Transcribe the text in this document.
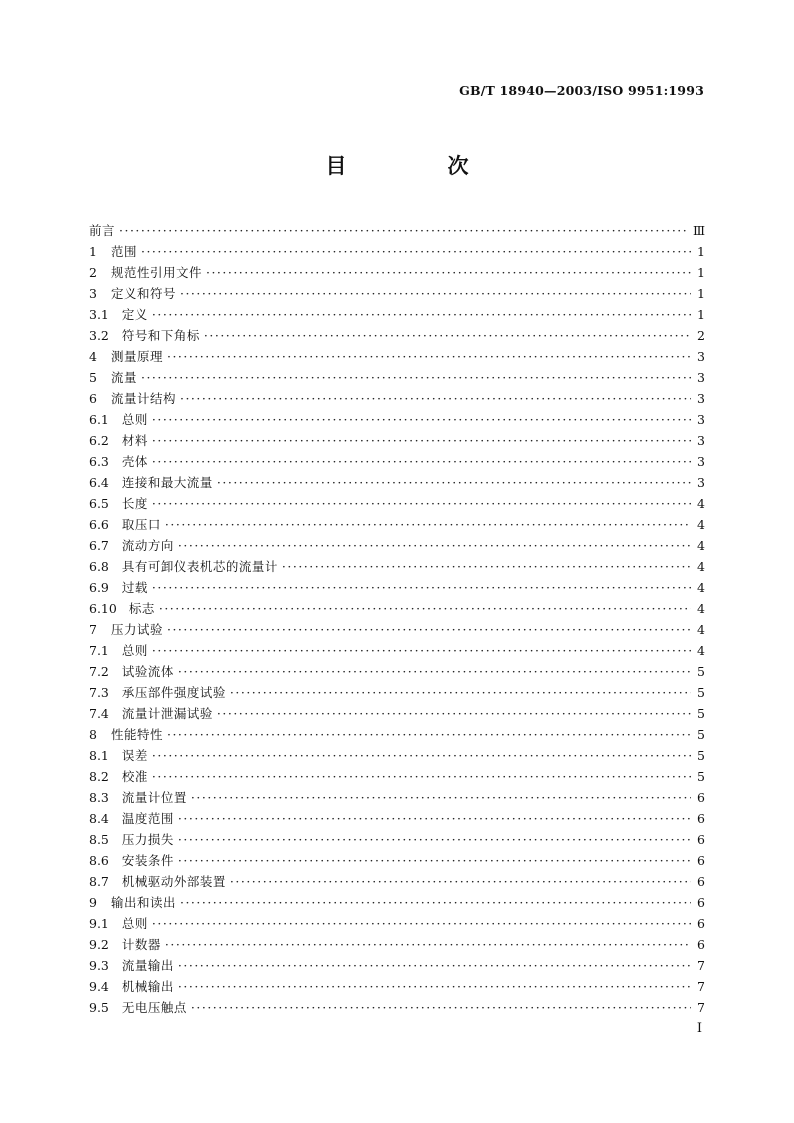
GB/T 18940—2003/ISO 9951:1993
目　次
前言 ·····	Ⅲ
1 范围 ·····	1
2 规范性引用文件 ·····	1
3 定义和符号 ·····	1
3.1 定义 ·····	1
3.2 符号和下角标 ·····	2
4 测量原理 ·····	3
5 流量 ·····	3
6 流量计结构 ·····	3
6.1 总则 ·····	3
6.2 材料 ·····	3
6.3 壳体 ·····	3
6.4 连接和最大流量 ·····	3
6.5 长度 ·····	4
6.6 取压口 ·····	4
6.7 流动方向 ·····	4
6.8 具有可卸仪表机芯的流量计 ·····	4
6.9 过载 ·····	4
6.10 标志 ·····	4
7 压力试验 ·····	4
7.1 总则 ·····	4
7.2 试验流体 ·····	5
7.3 承压部件强度试验 ·····	5
7.4 流量计泄漏试验 ·····	5
8 性能特性 ·····	5
8.1 误差 ·····	5
8.2 校准 ·····	5
8.3 流量计位置 ·····	6
8.4 温度范围 ·····	6
8.5 压力损失 ·····	6
8.6 安装条件 ·····	6
8.7 机械驱动外部装置 ·····	6
9 输出和读出 ·····	6
9.1 总则 ·····	6
9.2 计数器 ·····	6
9.3 流量输出 ·····	7
9.4 机械输出 ·····	7
9.5 无电压触点 ·····	7
Ⅰ
